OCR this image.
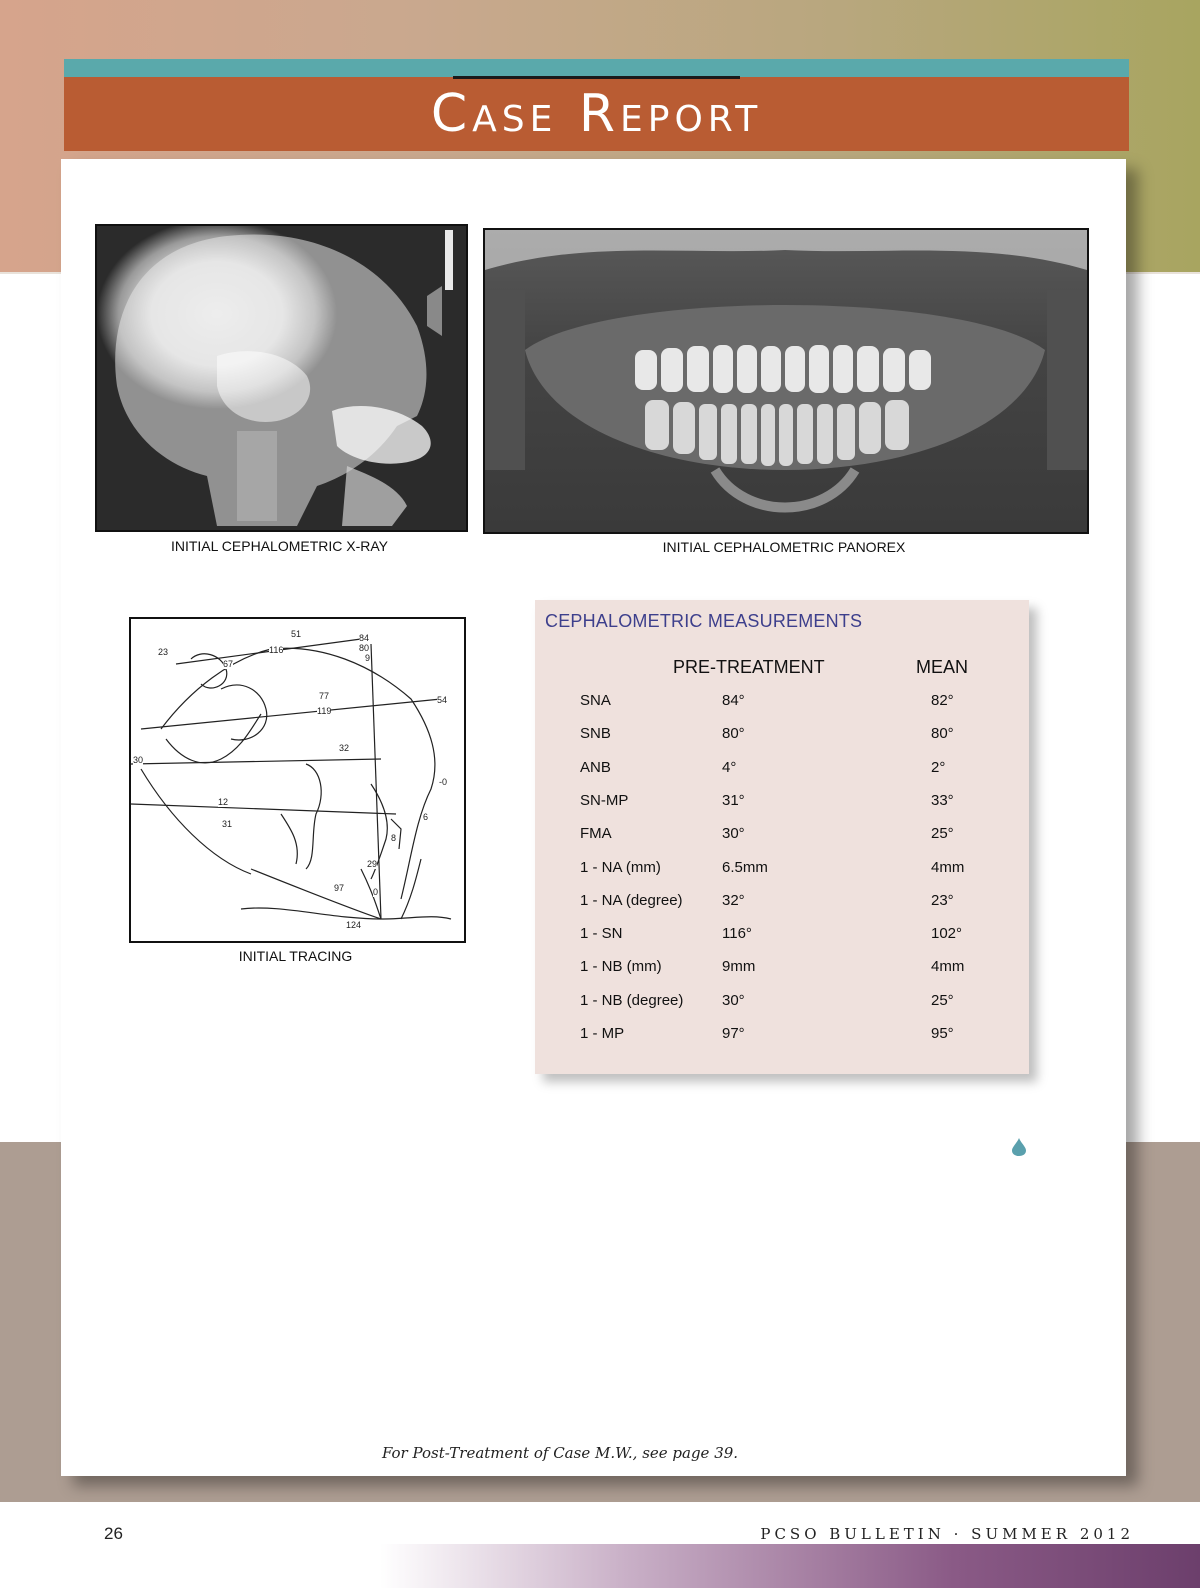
Case Report
INITIAL CEPHALOMETRIC X-RAY	INITIAL CEPHALOMETRIC PANOREX
51
23	116
67
84
80
9
77	54
119
32
30
-0
12
6
31
8
29
97	0
124
INITIAL TRACING
CEPHALOMETRIC MEASUREMENTS
PRE-TREATMENT	MEAN
SNA	84°	82°
SNB	80°	80°
ANB	4°	2°
SN-MP	31°	33°
FMA	30°	25°
1 - NA (mm)	6.5mm	4mm
1 - NA (degree)	32°	23°
1 - SN	116°	102°
1 - NB (mm)	9mm	4mm
1 - NB (degree)	30°	25°
1 - MP	97°	95°
For Post-Treatment of Case M.W., see page 39.
26	PCSO BULLETIN · SUMMER 2012
